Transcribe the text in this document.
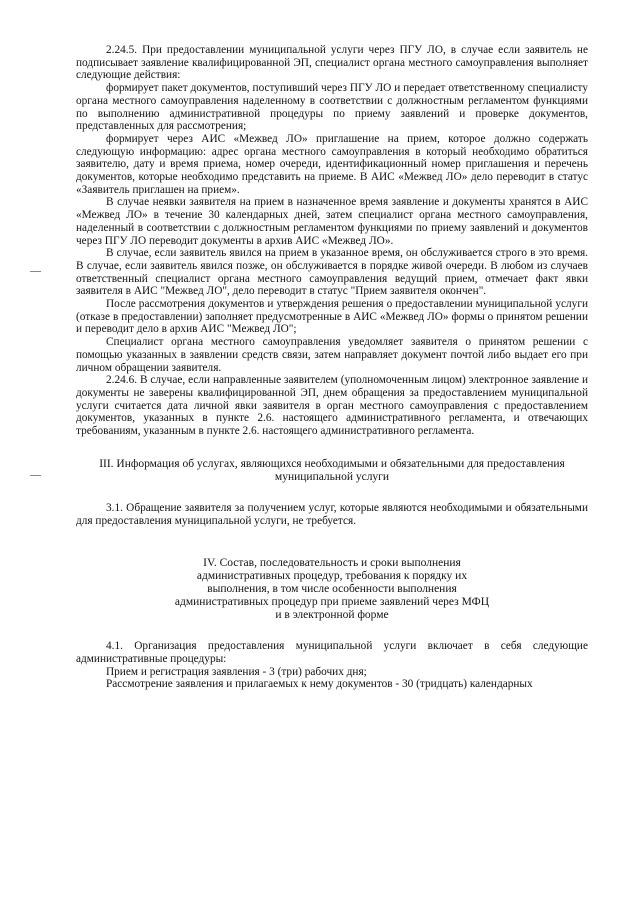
2.24.5. При предоставлении муниципальной услуги через ПГУ ЛО, в случае если заявитель не подписывает заявление квалифицированной ЭП, специалист органа местного самоуправления выполняет следующие действия:

формирует пакет документов, поступивший через ПГУ ЛО и передает ответственному специалисту органа местного самоуправления наделенному в соответствии с должностным регламентом функциями по выполнению административной процедуры по приему заявлений и проверке документов, представленных для рассмотрения;

формирует через АИС «Межвед ЛО» приглашение на прием, которое должно содержать следующую информацию: адрес органа местного самоуправления в который необходимо обратиться заявителю, дату и время приема, номер очереди, идентификационный номер приглашения и перечень документов, которые необходимо представить на приеме. В АИС «Межвед ЛО» дело переводит в статус «Заявитель приглашен на прием».

В случае неявки заявителя на прием в назначенное время заявление и документы хранятся в АИС «Межвед ЛО» в течение 30 календарных дней, затем специалист органа местного самоуправления, наделенный в соответствии с должностным регламентом функциями по приему заявлений и документов через ПГУ ЛО переводит документы в архив АИС «Межвед ЛО».

В случае, если заявитель явился на прием в указанное время, он обслуживается строго в это время. В случае, если заявитель явился позже, он обслуживается в порядке живой очереди. В любом из случаев ответственный специалист органа местного самоуправления ведущий прием, отмечает факт явки заявителя в АИС "Межвед ЛО", дело переводит в статус "Прием заявителя окончен".

После рассмотрения документов и утверждения решения о предоставлении муниципальной услуги (отказе в предоставлении) заполняет предусмотренные в АИС «Межвед ЛО» формы о принятом решении и переводит дело в архив АИС "Межвед ЛО";

Специалист органа местного самоуправления уведомляет заявителя о принятом решении с помощью указанных в заявлении средств связи, затем направляет документ почтой либо выдает его при личном обращении заявителя.

2.24.6. В случае, если направленные заявителем (уполномоченным лицом) электронное заявление и документы не заверены квалифицированной ЭП, днем обращения за предоставлением муниципальной услуги считается дата личной явки заявителя в орган местного самоуправления с предоставлением документов, указанных в пункте 2.6. настоящего административного регламента, и отвечающих требованиям, указанным в пункте 2.6. настоящего административного регламента.

III. Информация об услугах, являющихся необходимыми и обязательными для предоставления муниципальной услуги

3.1. Обращение заявителя за получением услуг, которые являются необходимыми и обязательными для предоставления муниципальной услуги, не требуется.

IV. Состав, последовательность и сроки выполнения
административных процедур, требования к порядку их
выполнения, в том числе особенности выполнения
административных процедур при приеме заявлений через МФЦ
и в электронной форме

4.1. Организация предоставления муниципальной услуги включает в себя следующие административные процедуры:

Прием и регистрация заявления - 3 (три) рабочих дня;

Рассмотрение заявления и прилагаемых к нему документов - 30 (тридцать) календарных
